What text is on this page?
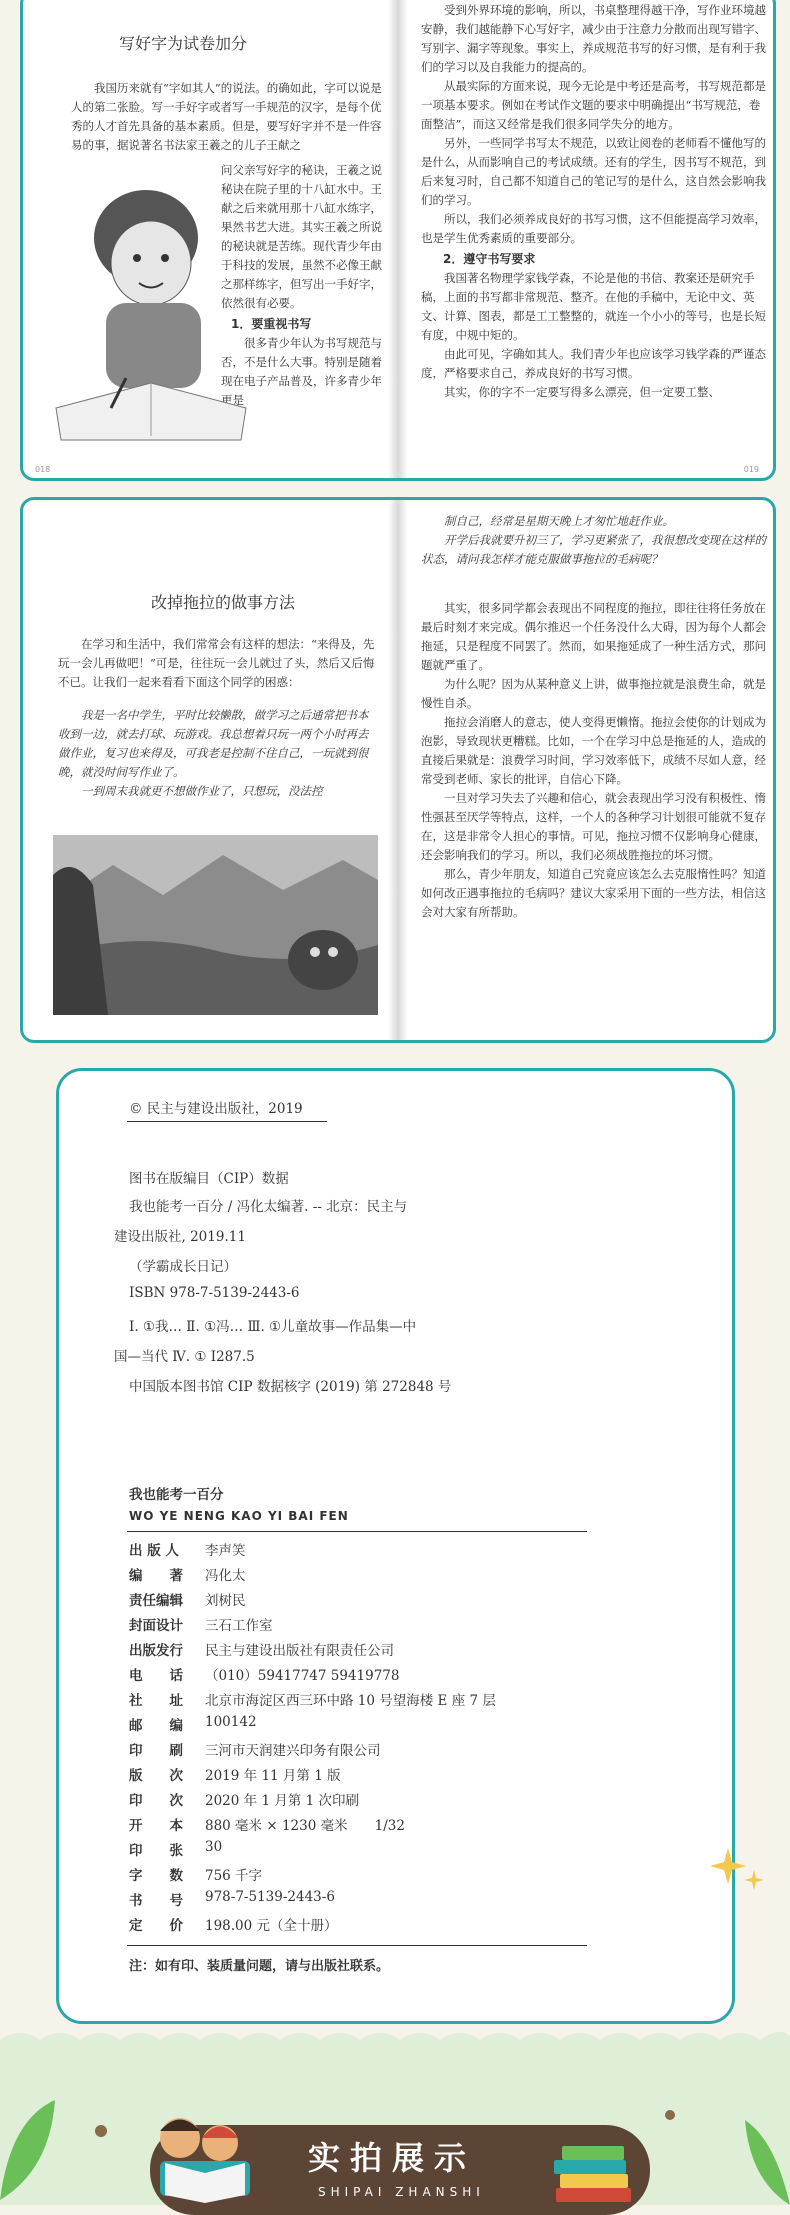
写好字为试卷加分

我国历来就有“字如其人”的说法。的确如此，字可以说是人的第二张脸。写一手好字或者写一手规范的汉字，是每个优秀的人才首先具备的基本素质。但是，要写好字并不是一件容易的事，据说著名书法家王羲之的儿子王献之

问父亲写好字的秘诀，王羲之说秘诀在院子里的十八缸水中。王献之后来就用那十八缸水练字，果然书艺大进。其实王羲之所说的秘诀就是苦练。现代青少年由于科技的发展，虽然不必像王献之那样练字，但写出一手好字，依然很有必要。

1．要重视书写

很多青少年认为书写规范与否，不是什么大事。特别是随着现在电子产品普及，许多青少年更是

018

受到外界环境的影响，所以，书桌整理得越干净，写作业环境越安静，我们越能静下心写好字，减少由于注意力分散而出现写错字、写别字、漏字等现象。事实上，养成规范书写的好习惯，是有利于我们的学习以及自我能力的提高的。

从最实际的方面来说，现今无论是中考还是高考，书写规范都是一项基本要求。例如在考试作文题的要求中明确提出“书写规范，卷面整洁”，而这又经常是我们很多同学失分的地方。

另外，一些同学书写太不规范，以致让阅卷的老师看不懂他写的是什么，从而影响自己的考试成绩。还有的学生，因书写不规范，到后来复习时，自己都不知道自己的笔记写的是什么，这自然会影响我们的学习。

所以，我们必须养成良好的书写习惯，这不但能提高学习效率，也是学生优秀素质的重要部分。

2．遵守书写要求

我国著名物理学家钱学森，不论是他的书信、教案还是研究手稿，上面的书写都非常规范、整齐。在他的手稿中，无论中文、英文、计算、图表，都是工工整整的，就连一个小小的等号，也是长短有度，中规中矩的。

由此可见，字确如其人。我们青少年也应该学习钱学森的严谨态度，严格要求自己，养成良好的书写习惯。

其实，你的字不一定要写得多么漂亮，但一定要工整、

019
改掉拖拉的做事方法

在学习和生活中，我们常常会有这样的想法：“来得及，先玩一会儿再做吧！”可是，往往玩一会儿就过了头，然后又后悔不已。让我们一起来看看下面这个同学的困惑：

我是一名中学生，平时比较懒散，做学习之后通常把书本收到一边，就去打球、玩游戏。我总想着只玩一两个小时再去做作业，复习也来得及，可我老是控制不住自己，一玩就到很晚，就没时间写作业了。

一到周末我就更不想做作业了，只想玩，没法控

制自己，经常是星期天晚上才匆忙地赶作业。

开学后我就要升初三了，学习更紧张了，我很想改变现在这样的状态，请问我怎样才能克服做事拖拉的毛病呢？

其实，很多同学都会表现出不同程度的拖拉，即往往将任务放在最后时刻才来完成。偶尔推迟一个任务没什么大碍，因为每个人都会拖延，只是程度不同罢了。然而，如果拖延成了一种生活方式，那问题就严重了。

为什么呢？因为从某种意义上讲，做事拖拉就是浪费生命，就是慢性自杀。

拖拉会消磨人的意志，使人变得更懒惰。拖拉会使你的计划成为泡影，导致现状更糟糕。比如，一个在学习中总是拖延的人，造成的直接后果就是：浪费学习时间，学习效率低下，成绩不尽如人意，经常受到老师、家长的批评，自信心下降。

一旦对学习失去了兴趣和信心，就会表现出学习没有积极性、惰性强甚至厌学等特点，这样，一个人的各种学习计划很可能就不复存在，这是非常令人担心的事情。可见，拖拉习惯不仅影响身心健康，还会影响我们的学习。所以，我们必须战胜拖拉的坏习惯。

那么，青少年朋友，知道自己究竟应该怎么去克服惰性吗？知道如何改正遇事拖拉的毛病吗？建议大家采用下面的一些方法，相信这会对大家有所帮助。

© 民主与建设出版社，2019
图书在版编目（CIP）数据
我也能考一百分 / 冯化太编著. -- 北京：民主与
建设出版社, 2019.11
（学霸成长日记）
ISBN 978-7-5139-2443-6
Ⅰ. ①我… Ⅱ. ①冯… Ⅲ. ①儿童故事—作品集—中
国—当代 Ⅳ. ① I287.5
中国版本图书馆 CIP 数据核字 (2019) 第 272848 号
我也能考一百分
WO YE NENG KAO YI BAI FEN
出 版 人	李声笑
编　　著	冯化太
责任编辑	刘树民
封面设计	三石工作室
出版发行	民主与建设出版社有限责任公司
电　　话	（010）59417747 59419778
社　　址	北京市海淀区西三环中路 10 号望海楼 E 座 7 层
邮　　编	100142
印　　刷	三河市天润建兴印务有限公司
版　　次	2019 年 11 月第 1 版
印　　次	2020 年 1 月第 1 次印刷
开　　本	880 毫米 × 1230 毫米　　1/32
印　　张	30
字　　数	756 千字
书　　号	978-7-5139-2443-6
定　　价	198.00 元（全十册）
注：如有印、装质量问题，请与出版社联系。
实拍展示
SHIPAI ZHANSHI
